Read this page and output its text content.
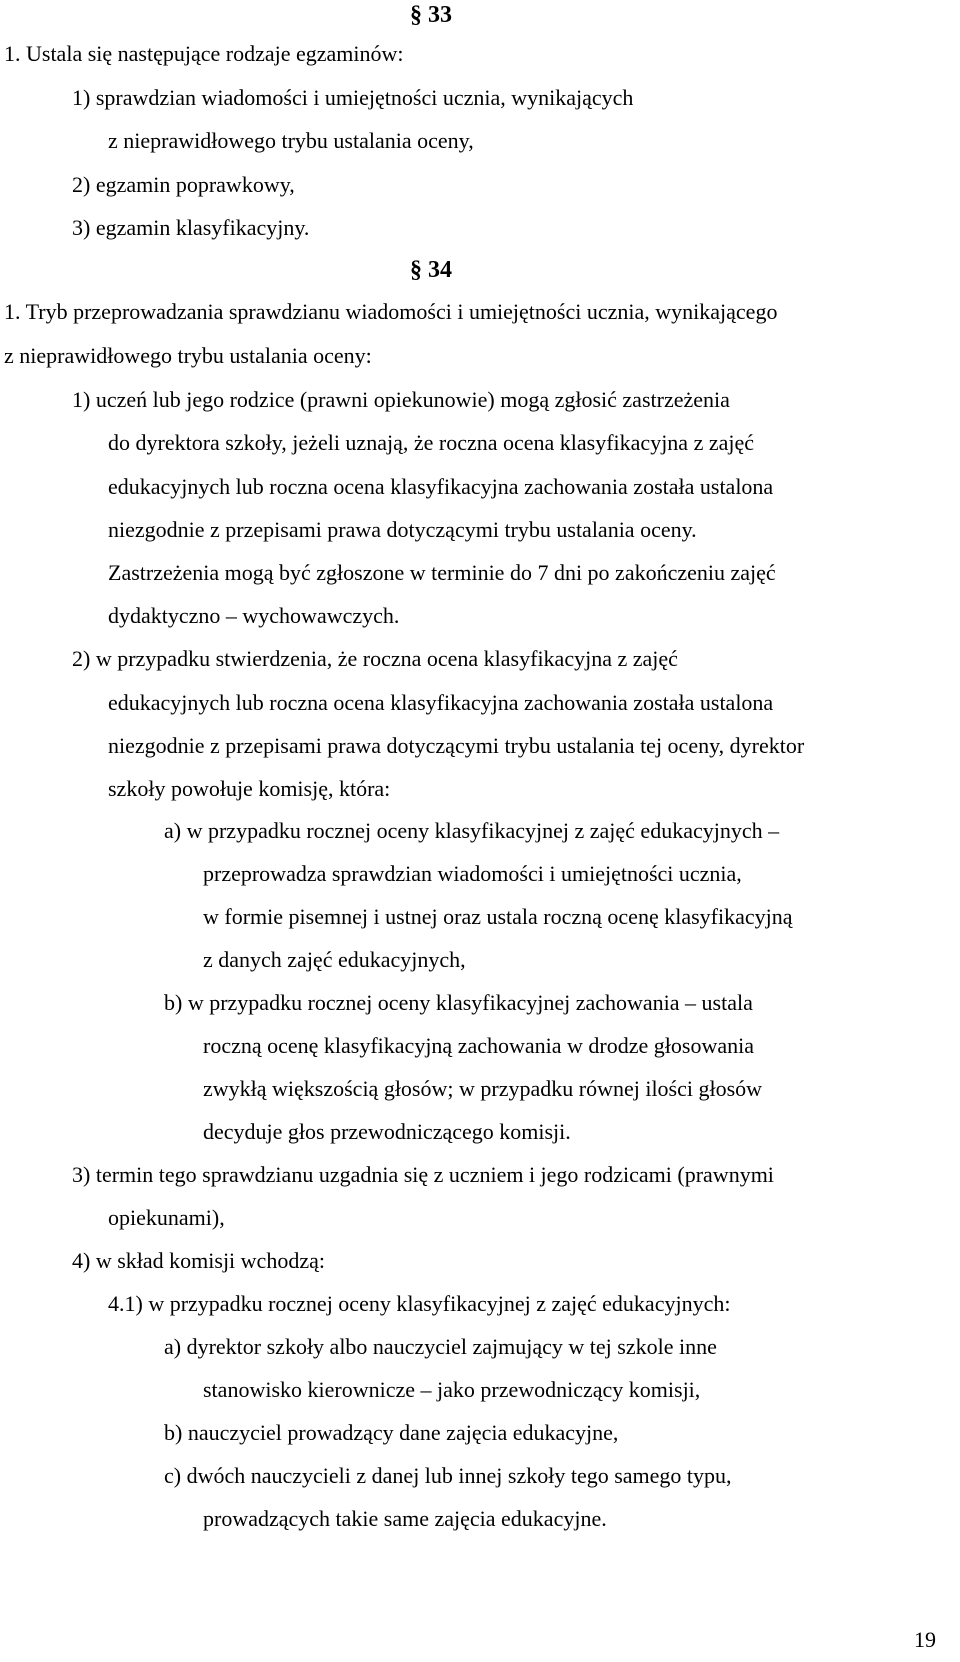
§ 33
1. Ustala się następujące rodzaje egzaminów:
1) sprawdzian wiadomości i umiejętności ucznia, wynikających
z nieprawidłowego trybu ustalania oceny,
2) egzamin poprawkowy,
3) egzamin klasyfikacyjny.
§ 34
1. Tryb przeprowadzania sprawdzianu wiadomości i umiejętności ucznia, wynikającego
z nieprawidłowego trybu ustalania oceny:
1) uczeń lub jego rodzice (prawni opiekunowie) mogą zgłosić zastrzeżenia
do dyrektora szkoły, jeżeli uznają, że roczna ocena klasyfikacyjna z zajęć
edukacyjnych lub roczna ocena klasyfikacyjna zachowania została ustalona
niezgodnie z przepisami prawa dotyczącymi trybu ustalania oceny.
Zastrzeżenia mogą być zgłoszone w terminie do 7 dni po zakończeniu zajęć
dydaktyczno – wychowawczych.
2) w przypadku stwierdzenia, że roczna ocena klasyfikacyjna z zajęć
edukacyjnych lub roczna ocena klasyfikacyjna zachowania została ustalona
niezgodnie z przepisami prawa dotyczącymi trybu ustalania tej oceny, dyrektor
szkoły powołuje komisję, która:
a) w przypadku rocznej oceny klasyfikacyjnej z zajęć edukacyjnych –
przeprowadza sprawdzian wiadomości i umiejętności ucznia,
w formie pisemnej i ustnej oraz ustala roczną ocenę klasyfikacyjną
z danych zajęć edukacyjnych,
b) w przypadku rocznej oceny klasyfikacyjnej zachowania – ustala
roczną ocenę klasyfikacyjną zachowania w drodze głosowania
zwykłą większością głosów; w przypadku równej ilości głosów
decyduje głos przewodniczącego komisji.
3) termin tego sprawdzianu uzgadnia się z uczniem i jego rodzicami (prawnymi
opiekunami),
4) w skład komisji wchodzą:
4.1) w przypadku rocznej oceny klasyfikacyjnej z zajęć edukacyjnych:
a) dyrektor szkoły albo nauczyciel zajmujący w tej szkole inne
stanowisko kierownicze – jako przewodniczący komisji,
b) nauczyciel prowadzący dane zajęcia edukacyjne,
c) dwóch nauczycieli z danej lub innej szkoły tego samego typu,
prowadzących takie same zajęcia edukacyjne.
19
